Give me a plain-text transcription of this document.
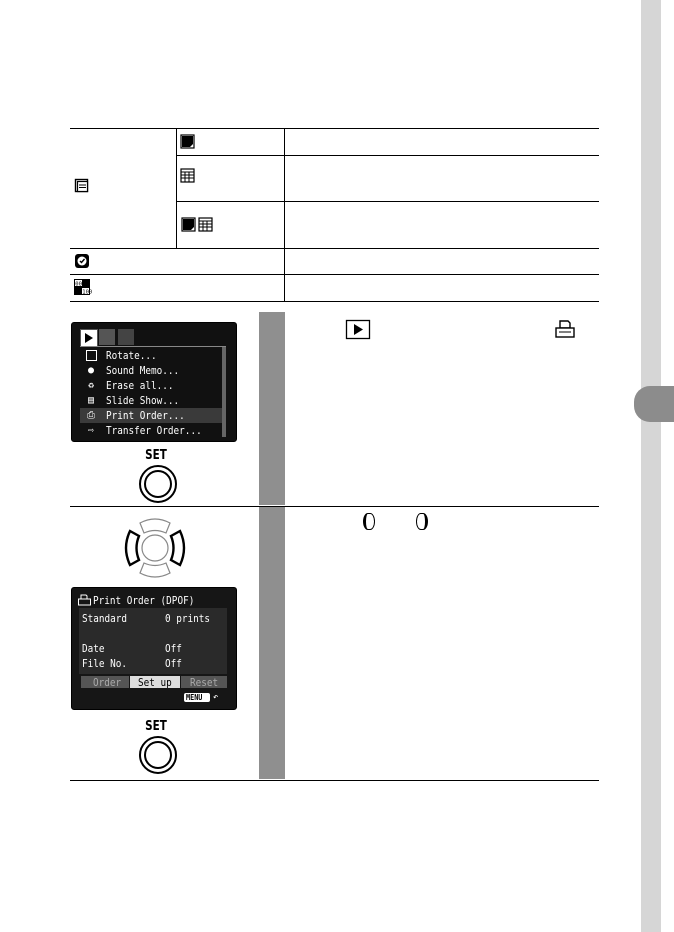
001
100
Rotate...
● Sound Memo...
♻ Erase all...
▤ Slide Show...
⎙ Print Order...
⇨ Transfer Order...
SET
Print Order (DPOF)
Standard	0 prints
Date	Off
File No.	Off
Order Set up Reset
MENU ↶
SET
